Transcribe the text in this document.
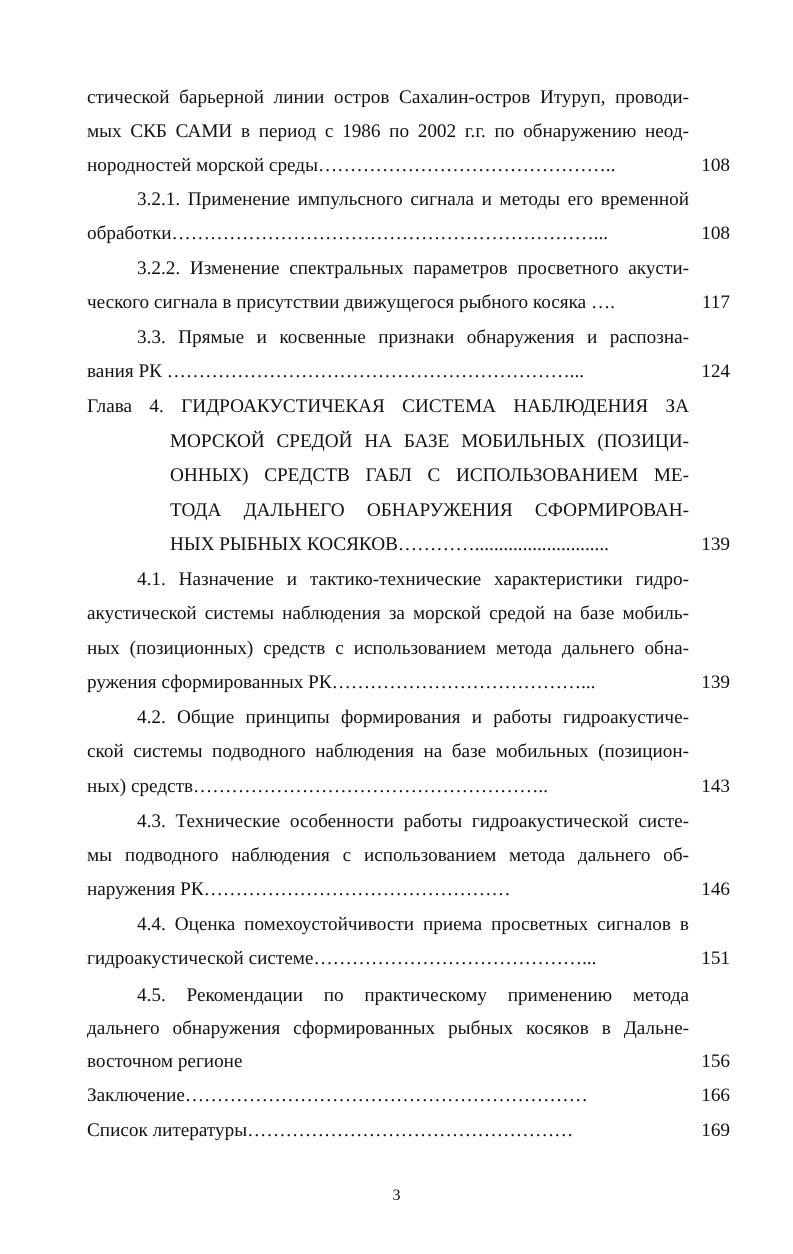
стической барьерной линии остров Сахалин-остров Итуруп, проводи-
мых СКБ САМИ в период с 1986 по 2002 г.г. по обнаружению неод-
нородностей морской среды………………………………………..	108
3.2.1. Применение импульсного сигнала и методы его временной
обработки…………………………………………………………...	108
3.2.2. Изменение спектральных параметров просветного акусти-
ческого сигнала в присутствии движущегося рыбного косяка ….	117
3.3. Прямые и косвенные признаки обнаружения и распозна-
вания РК ………………………………………………………...	124
Глава 4. ГИДРОАКУСТИЧЕКАЯ СИСТЕМА НАБЛЮДЕНИЯ ЗА
МОРСКОЙ СРЕДОЙ НА БАЗЕ МОБИЛЬНЫХ (ПОЗИЦИ-
ОННЫХ) СРЕДСТВ ГАБЛ С ИСПОЛЬЗОВАНИЕМ МЕ-
ТОДА ДАЛЬНЕГО ОБНАРУЖЕНИЯ СФОРМИРОВАН-
НЫХ РЫБНЫХ КОСЯКОВ…………............................	139
4.1. Назначение и тактико-технические характеристики гидро-
акустической системы наблюдения за морской средой на базе мобиль-
ных (позиционных) средств с использованием метода дальнего обна-
ружения сформированных РК…………………………………...	139
4.2. Общие принципы формирования и работы гидроакустиче-
ской системы подводного наблюдения на базе мобильных (позицион-
ных) средств………………………………………………..	143
4.3. Технические особенности работы гидроакустической систе-
мы подводного наблюдения с использованием метода дальнего об-
наружения РК…………………………………………	146
4.4. Оценка помехоустойчивости приема просветных сигналов в
гидроакустической системе……………………………………...	151
4.5. Рекомендации по практическому применению метода
дальнего обнаружения сформированных рыбных косяков в Дальне-
восточном регионе	156
Заключение………………………………………………………	166
Список литературы……………………………………………	169
3
